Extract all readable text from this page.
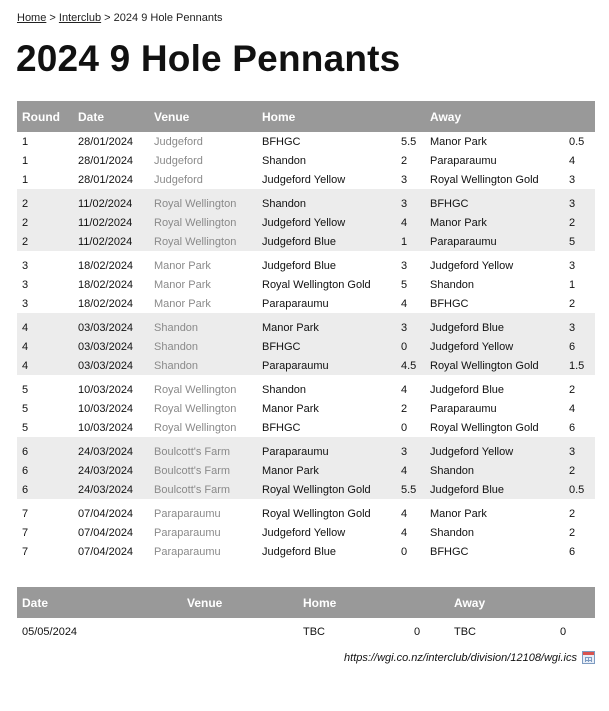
Home > Interclub > 2024 9 Hole Pennants
2024 9 Hole Pennants
Round	Date	Venue	Home		Away	
1	28/01/2024	Judgeford	BFHGC	5.5	Manor Park	0.5
1	28/01/2024	Judgeford	Shandon	2	Paraparaumu	4
1	28/01/2024	Judgeford	Judgeford Yellow	3	Royal Wellington Gold	3

2	11/02/2024	Royal Wellington	Shandon	3	BFHGC	3
2	11/02/2024	Royal Wellington	Judgeford Yellow	4	Manor Park	2
2	11/02/2024	Royal Wellington	Judgeford Blue	1	Paraparaumu	5

3	18/02/2024	Manor Park	Judgeford Blue	3	Judgeford Yellow	3
3	18/02/2024	Manor Park	Royal Wellington Gold	5	Shandon	1
3	18/02/2024	Manor Park	Paraparaumu	4	BFHGC	2

4	03/03/2024	Shandon	Manor Park	3	Judgeford Blue	3
4	03/03/2024	Shandon	BFHGC	0	Judgeford Yellow	6
4	03/03/2024	Shandon	Paraparaumu	4.5	Royal Wellington Gold	1.5

5	10/03/2024	Royal Wellington	Shandon	4	Judgeford Blue	2
5	10/03/2024	Royal Wellington	Manor Park	2	Paraparaumu	4
5	10/03/2024	Royal Wellington	BFHGC	0	Royal Wellington Gold	6

6	24/03/2024	Boulcott's Farm	Paraparaumu	3	Judgeford Yellow	3
6	24/03/2024	Boulcott's Farm	Manor Park	4	Shandon	2
6	24/03/2024	Boulcott's Farm	Royal Wellington Gold	5.5	Judgeford Blue	0.5

7	07/04/2024	Paraparaumu	Royal Wellington Gold	4	Manor Park	2
7	07/04/2024	Paraparaumu	Judgeford Yellow	4	Shandon	2
7	07/04/2024	Paraparaumu	Judgeford Blue	0	BFHGC	6
Date	Venue	Home		Away	
05/05/2024		TBC	0	TBC	0
https://wgi.co.nz/interclub/division/12108/wgi.ics
